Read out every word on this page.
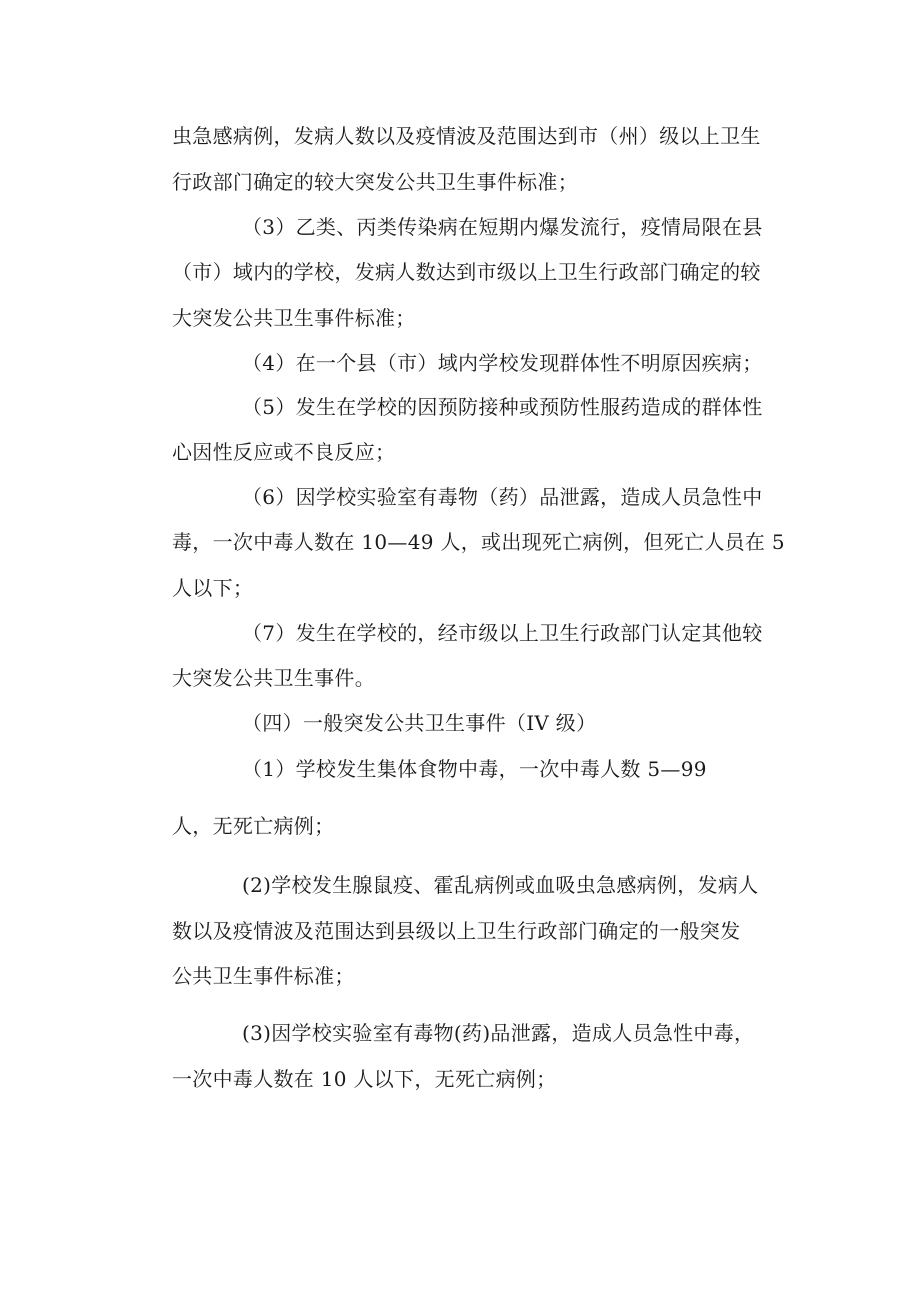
虫急感病例，发病人数以及疫情波及范围达到市（州）级以上卫生
行政部门确定的较大突发公共卫生事件标准；
（3）乙类、丙类传染病在短期内爆发流行，疫情局限在县
（市）域内的学校，发病人数达到市级以上卫生行政部门确定的较
大突发公共卫生事件标准；
（4）在一个县（市）域内学校发现群体性不明原因疾病；
（5）发生在学校的因预防接种或预防性服药造成的群体性
心因性反应或不良反应；
（6）因学校实验室有毒物（药）品泄露，造成人员急性中
毒，一次中毒人数在 10—49 人，或出现死亡病例，但死亡人员在 5
人以下；
（7）发生在学校的，经市级以上卫生行政部门认定其他较
大突发公共卫生事件。
（四）一般突发公共卫生事件（IV 级）
（1）学校发生集体食物中毒，一次中毒人数 5—99
人，无死亡病例；
(2)学校发生腺鼠疫、霍乱病例或血吸虫急感病例，发病人
数以及疫情波及范围达到县级以上卫生行政部门确定的一般突发
公共卫生事件标准；
(3)因学校实验室有毒物(药)品泄露，造成人员急性中毒，
一次中毒人数在 10 人以下，无死亡病例；
